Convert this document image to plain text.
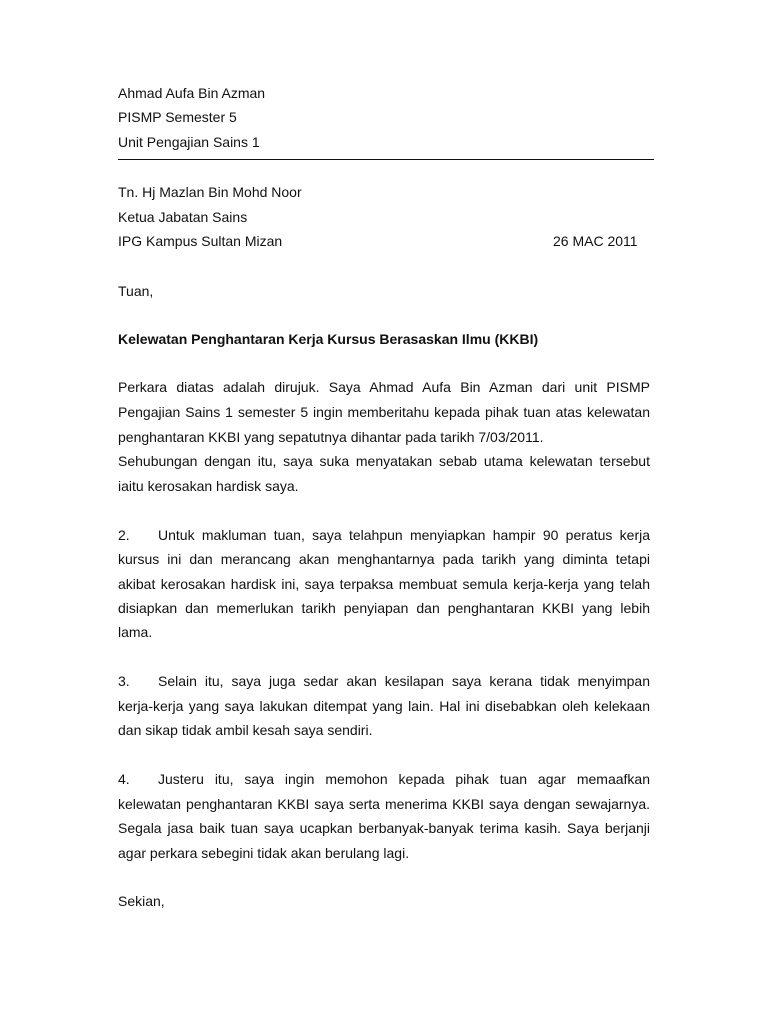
Ahmad Aufa Bin Azman
PISMP Semester 5
Unit Pengajian Sains 1
Tn. Hj Mazlan Bin Mohd Noor
Ketua Jabatan Sains
IPG Kampus Sultan Mizan	26 MAC 2011
Tuan,
Kelewatan Penghantaran Kerja Kursus Berasaskan Ilmu (KKBI)
Perkara diatas adalah dirujuk. Saya Ahmad Aufa Bin Azman dari unit PISMP
Pengajian Sains 1 semester 5 ingin memberitahu kepada pihak tuan atas kelewatan
penghantaran KKBI yang sepatutnya dihantar pada tarikh 7/03/2011.
Sehubungan dengan itu, saya suka menyatakan sebab utama kelewatan tersebut
iaitu kerosakan hardisk saya.
2. Untuk makluman tuan, saya telahpun menyiapkan hampir 90 peratus kerja
kursus ini dan merancang akan menghantarnya pada tarikh yang diminta tetapi
akibat kerosakan hardisk ini, saya terpaksa membuat semula kerja-kerja yang telah
disiapkan dan memerlukan tarikh penyiapan dan penghantaran KKBI yang lebih
lama.
3. Selain itu, saya juga sedar akan kesilapan saya kerana tidak menyimpan
kerja-kerja yang saya lakukan ditempat yang lain. Hal ini disebabkan oleh kelekaan
dan sikap tidak ambil kesah saya sendiri.
4. Justeru itu, saya ingin memohon kepada pihak tuan agar memaafkan
kelewatan penghantaran KKBI saya serta menerima KKBI saya dengan sewajarnya.
Segala jasa baik tuan saya ucapkan berbanyak-banyak terima kasih. Saya berjanji
agar perkara sebegini tidak akan berulang lagi.
Sekian,
